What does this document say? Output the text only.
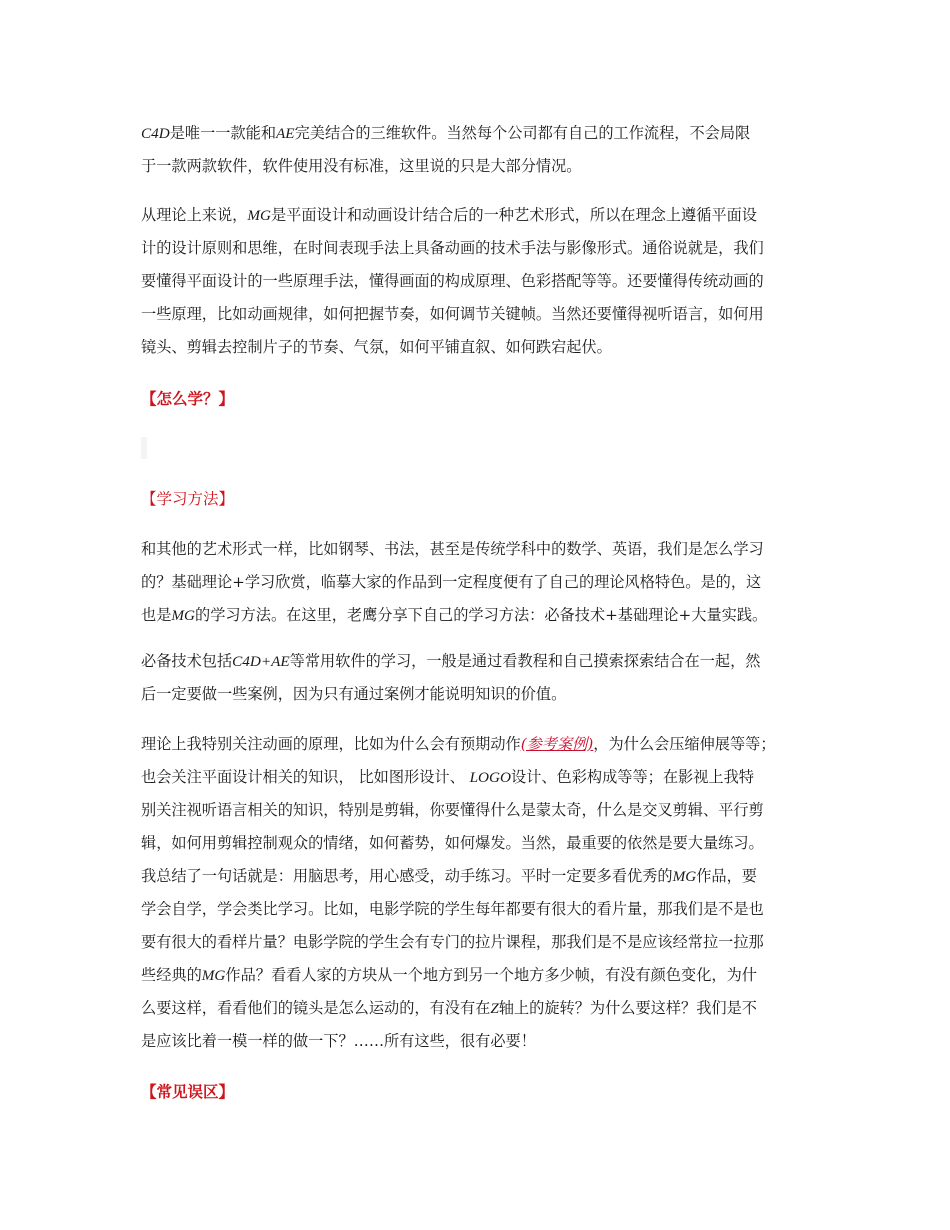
C4D是唯一一款能和AE完美结合的三维软件。当然每个公司都有自己的工作流程，不会局限
于一款两款软件，软件使用没有标准，这里说的只是大部分情况。
从理论上来说，MG是平面设计和动画设计结合后的一种艺术形式，所以在理念上遵循平面设
计的设计原则和思维，在时间表现手法上具备动画的技术手法与影像形式。通俗说就是，我们
要懂得平面设计的一些原理手法，懂得画面的构成原理、色彩搭配等等。还要懂得传统动画的
一些原理，比如动画规律，如何把握节奏，如何调节关键帧。当然还要懂得视听语言，如何用
镜头、剪辑去控制片子的节奏、气氛，如何平铺直叙、如何跌宕起伏。
【怎么学？】
【学习方法】
和其他的艺术形式一样，比如钢琴、书法，甚至是传统学科中的数学、英语，我们是怎么学习
的？基础理论+学习欣赏，临摹大家的作品到一定程度便有了自己的理论风格特色。是的，这
也是MG的学习方法。在这里，老鹰分享下自己的学习方法：必备技术+基础理论+大量实践。
必备技术包括C4D+AE等常用软件的学习，一般是通过看教程和自己摸索探索结合在一起，然
后一定要做一些案例，因为只有通过案例才能说明知识的价值。
理论上我特别关注动画的原理，比如为什么会有预期动作(参考案例)，为什么会压缩伸展等等；
也会关注平面设计相关的知识， 比如图形设计、 LOGO设计、色彩构成等等；在影视上我特
别关注视听语言相关的知识，特别是剪辑，你要懂得什么是蒙太奇，什么是交叉剪辑、平行剪
辑，如何用剪辑控制观众的情绪，如何蓄势，如何爆发。当然，最重要的依然是要大量练习。
我总结了一句话就是：用脑思考，用心感受，动手练习。平时一定要多看优秀的MG作品，要
学会自学，学会类比学习。比如，电影学院的学生每年都要有很大的看片量，那我们是不是也
要有很大的看样片量？电影学院的学生会有专门的拉片课程，那我们是不是应该经常拉一拉那
些经典的MG作品？看看人家的方块从一个地方到另一个地方多少帧，有没有颜色变化，为什
么要这样，看看他们的镜头是怎么运动的，有没有在Z轴上的旋转？为什么要这样？我们是不
是应该比着一模一样的做一下？……所有这些，很有必要！
【常见误区】
